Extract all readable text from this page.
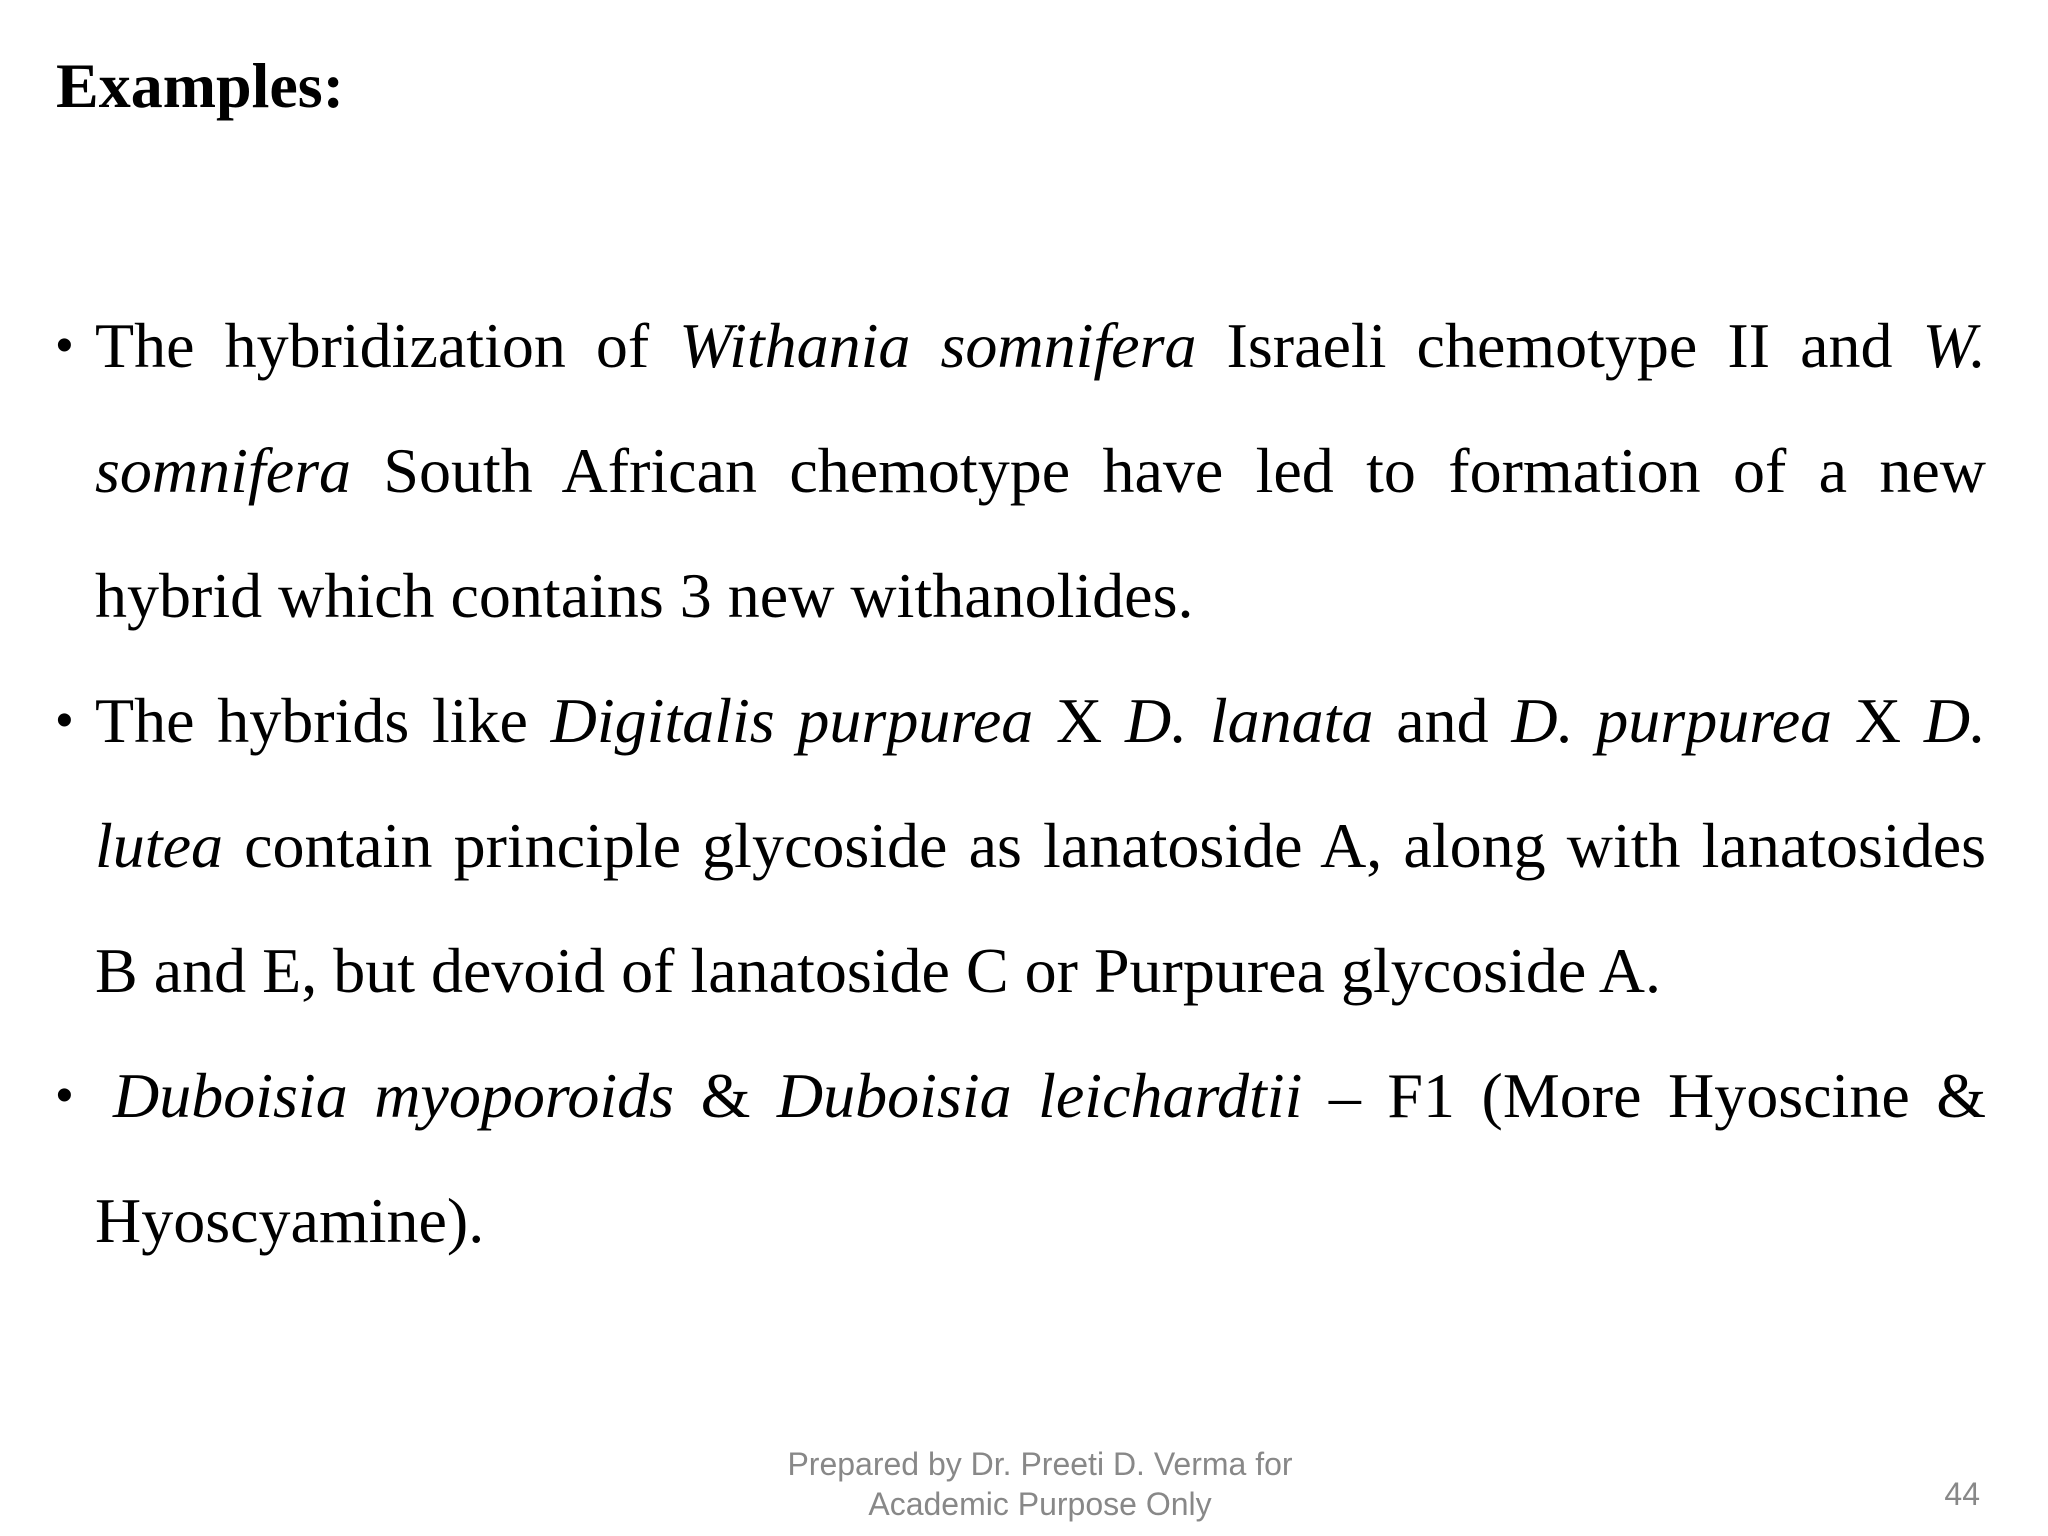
Examples:
• The hybridization of Withania somnifera Israeli chemotype II and W. somnifera South African chemotype have led to formation of a new hybrid which contains 3 new withanolides.
• The hybrids like Digitalis purpurea X D. lanata and D. purpurea X D. lutea contain principle glycoside as lanatoside A, along with lanatosides B and E, but devoid of lanatoside C or Purpurea glycoside A.
• Duboisia myoporoids & Duboisia leichardtii – F1 (More Hyoscine & Hyoscyamine).
Prepared by Dr. Preeti D. Verma for
Academic Purpose Only	44
